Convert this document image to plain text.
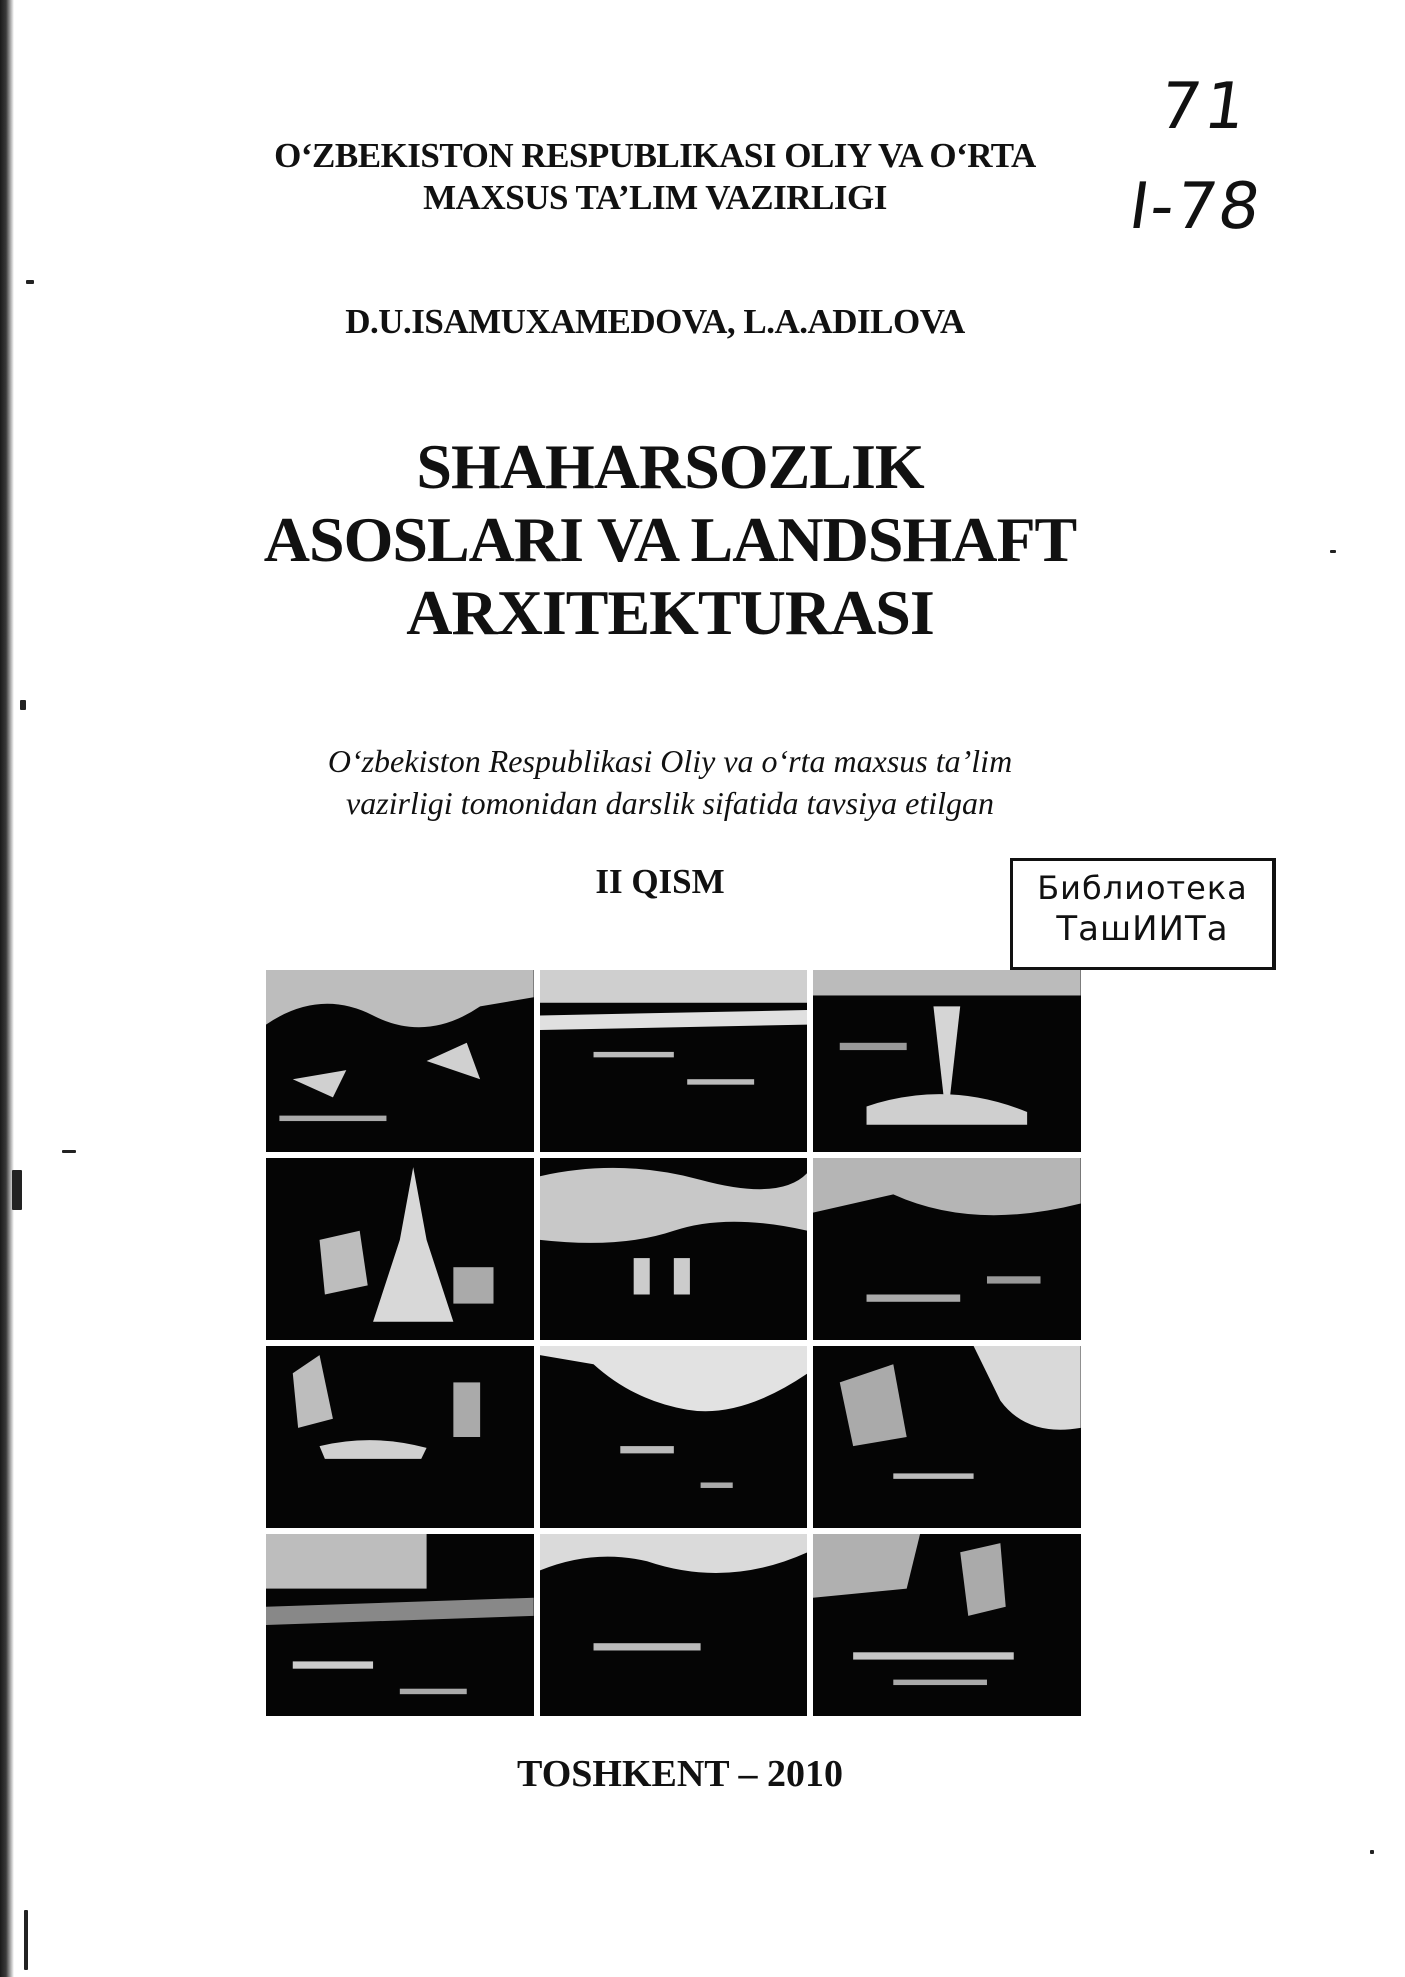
O‘ZBEKISTON RESPUBLIKASI OLIY VA O‘RTA
MAXSUS TA’LIM VAZIRLIGI
71
I-78
D.U.ISAMUXAMEDOVA, L.A.ADILOVA
SHAHARSOZLIK
ASOSLARI VA LANDSHAFT
ARXITEKTURASI
O‘zbekiston Respublikasi Oliy va o‘rta maxsus ta’lim
vazirligi tomonidan darslik sifatida tavsiya etilgan
II QISM	Библиотека
ТашИИТа
TOSHKENT – 2010
